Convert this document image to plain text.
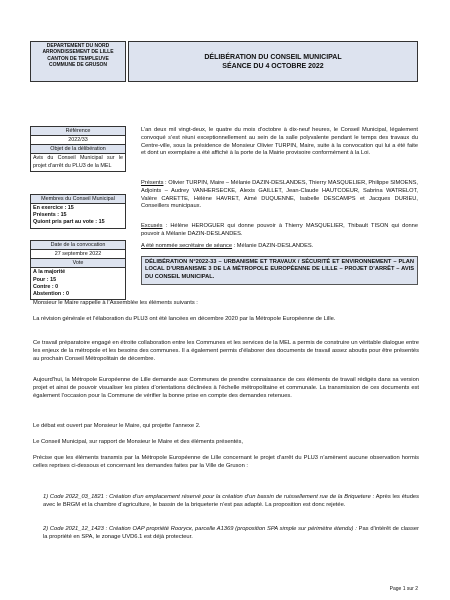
DEPARTEMENT DU NORD
ARRONDISSEMENT DE LILLE
CANTON DE TEMPLEUVE
COMMUNE DE GRUSON
DÉLIBÉRATION DU CONSEIL MUNICIPAL
SÉANCE DU 4 OCTOBRE 2022
Référence
2022/33
Objet de la délibération
Avis du Conseil Municipal sur le projet d’arrêt du PLU3 de la MEL
Membres du Conseil Municipal
En exercice : 15
Présents : 15
Quiont pris part au vote : 15
Date de la convocation
27 septembre 2022
Vote
A la majorité
Pour : 15
Contre : 0
Abstention : 0
L’an deux mil vingt-deux, le quatre du mois d’octobre à dix-neuf heures, le Conseil Municipal, légalement convoqué s’est réuni exceptionnellement au sein de la salle polyvalente pendant le temps des travaux du Centre-ville, sous la présidence de Monsieur Olivier TURPIN, Maire, suite à la convocation qui lui a été faite et dont un exemplaire a été affiché à la porte de la Mairie provisoire conformément à la Loi.
Présents : Olivier TURPIN, Maire – Mélanie DAZIN-DESLANDES, Thierry MASQUELIER, Philippe SIMOENS, Adjoints – Audrey VANHERSECKE, Alexis GAILLET, Jean-Claude HAUTCOEUR, Sabrina WATRELOT, Valère CARETTE, Hélène HAVRET, Aimé DUQUENNE, Isabelle DESCAMPS et Jacques DURIEU, Conseillers municipaux.
Excusés : Hélène HEROGUER qui donne pouvoir à Thierry MASQUELIER, Thibault TISON qui donne pouvoir à Mélanie DAZIN-DESLANDES.
A été nommée secrétaire de séance : Mélanie DAZIN-DESLANDES.
DÉLIBÉRATION N°2022-33 – URBANISME ET TRAVAUX / SÉCURITÉ ET ENVIRONNEMENT – PLAN LOCAL D’URBANISME 3 DE LA MÉTROPOLE EUROPÉENNE DE LILLE – PROJET D’ARRÊT – AVIS DU CONSEIL MUNICIPAL.
Monsieur le Maire rappelle à l’Assemblée les éléments suivants :
La révision générale et l’élaboration du PLU3 ont été lancées en décembre 2020 par la Métropole Européenne de Lille.
Ce travail préparatoire engagé en étroite collaboration entre les Communes et les services de la MEL a permis de construire un véritable dialogue entre les enjeux de la métropole et les besoins des communes. Il a également permis d’élaborer des documents de travail assez aboutis pour être présentés au prochain Conseil Métropolitain de décembre.
Aujourd’hui, la Métropole Européenne de Lille demande aux Communes de prendre connaissance de ces éléments de travail rédigés dans sa version projet et ainsi de pouvoir visualiser les pistes d’orientations déclinées à l’échelle métropolitaine et communale. La transmission de ces documents est également l’occasion pour la Commune de vérifier la bonne prise en compte des demandes retenues.
Le débat est ouvert par Monsieur le Maire, qui projette l’annexe 2.
Le Conseil Municipal, sur rapport de Monsieur le Maire et des éléments présentés,
Précise que les éléments transmis par la Métropole Européenne de Lille concernant le projet d’arrêt du PLU3 n’amènent aucune observation hormis celles reprises ci-dessous et concernant les demandes faites par la Ville de Gruson :
1) Code 2022_03_1821 : Création d’un emplacement réservé pour la création d’un bassin de ruissellement rue de la Briquetere : Après les études avec le BRGM et la chambre d’agriculture, le bassin de la briqueterie n’est pas adapté. La proposition est donc rejetée.
2) Code 2021_12_1423 : Création OAP propriété Roorycк, parcelle A1369 (proposition SPA simple sur périmètre étendu) : Pas d’intérêt de classer la propriété en SPA, le zonage UVD6.1 est déjà protecteur.
Page 1 sur 2
